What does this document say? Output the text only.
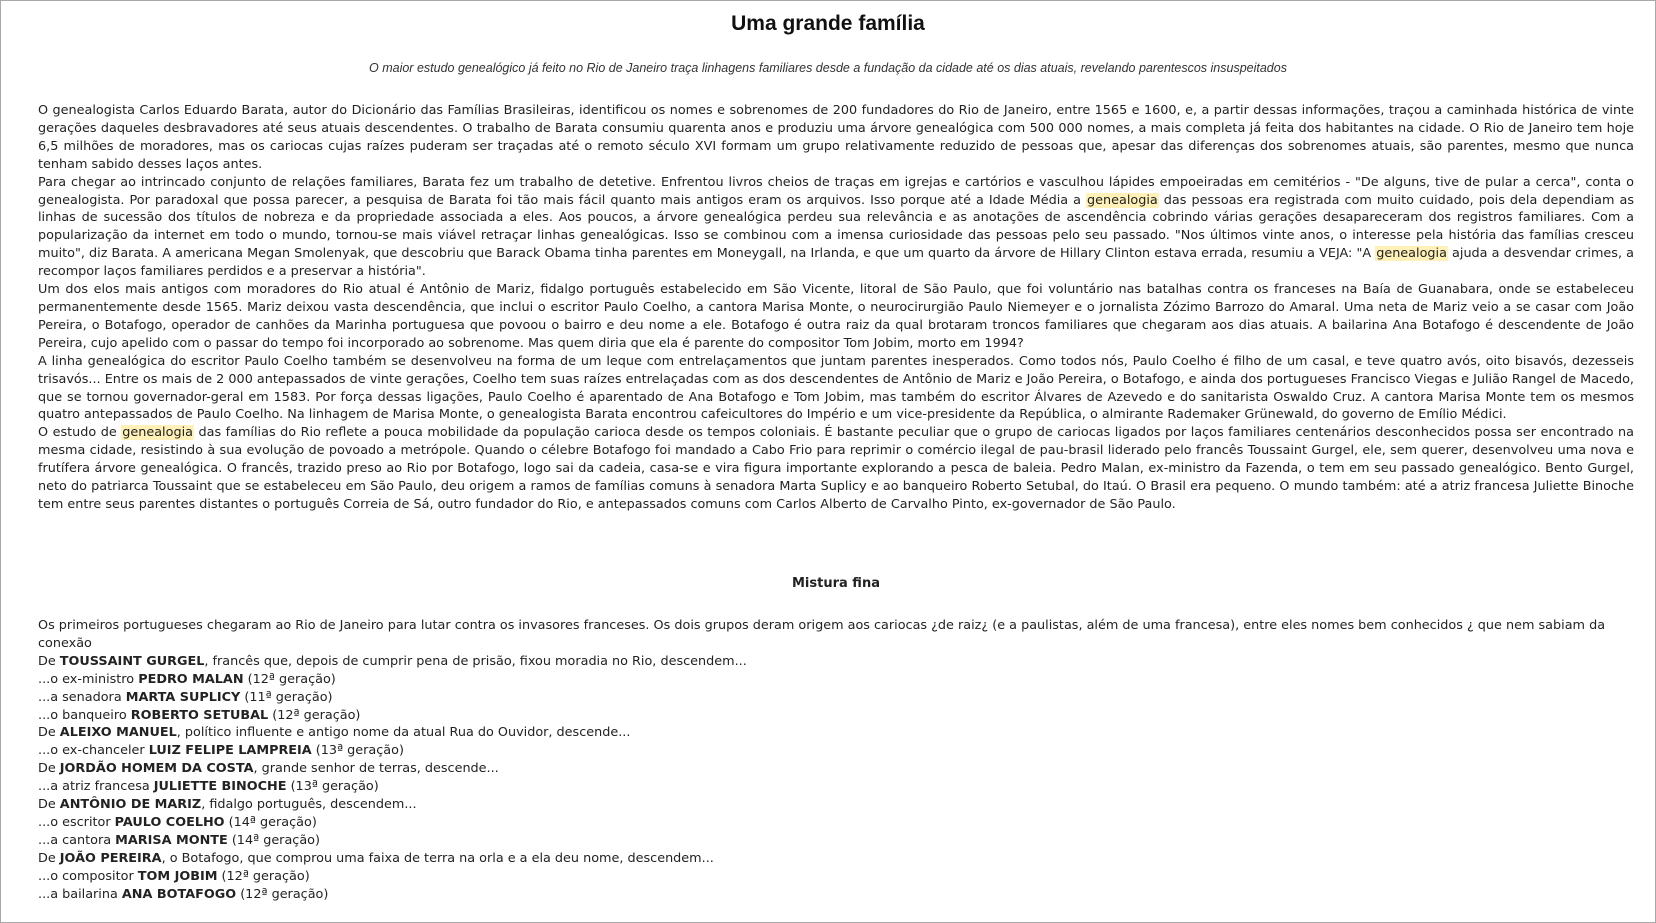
Uma grande família
O maior estudo genealógico já feito no Rio de Janeiro traça linhagens familiares desde a fundação da cidade até os dias atuais, revelando parentescos insuspeitados

O genealogista Carlos Eduardo Barata, autor do Dicionário das Famílias Brasileiras, identificou os nomes e sobrenomes de 200 fundadores do Rio de Janeiro, entre 1565 e 1600, e, a partir dessas informações, traçou a caminhada histórica de vinte gerações daqueles desbravadores até seus atuais descendentes. O trabalho de Barata consumiu quarenta anos e produziu uma árvore genealógica com 500 000 nomes, a mais completa já feita dos habitantes na cidade. O Rio de Janeiro tem hoje 6,5 milhões de moradores, mas os cariocas cujas raízes puderam ser traçadas até o remoto século XVI formam um grupo relativamente reduzido de pessoas que, apesar das diferenças dos sobrenomes atuais, são parentes, mesmo que nunca tenham sabido desses laços antes.

Para chegar ao intrincado conjunto de relações familiares, Barata fez um trabalho de detetive. Enfrentou livros cheios de traças em igrejas e cartórios e vasculhou lápides empoeiradas em cemitérios - "De alguns, tive de pular a cerca", conta o genealogista. Por paradoxal que possa parecer, a pesquisa de Barata foi tão mais fácil quanto mais antigos eram os arquivos. Isso porque até a Idade Média a genealogia das pessoas era registrada com muito cuidado, pois dela dependiam as linhas de sucessão dos títulos de nobreza e da propriedade associada a eles. Aos poucos, a árvore genealógica perdeu sua relevância e as anotações de ascendência cobrindo várias gerações desapareceram dos registros familiares. Com a popularização da internet em todo o mundo, tornou-se mais viável retraçar linhas genealógicas. Isso se combinou com a imensa curiosidade das pessoas pelo seu passado. "Nos últimos vinte anos, o interesse pela história das famílias cresceu muito", diz Barata. A americana Megan Smolenyak, que descobriu que Barack Obama tinha parentes em Moneygall, na Irlanda, e que um quarto da árvore de Hillary Clinton estava errada, resumiu a VEJA: "A genealogia ajuda a desvendar crimes, a recompor laços familiares perdidos e a preservar a história".

Um dos elos mais antigos com moradores do Rio atual é Antônio de Mariz, fidalgo português estabelecido em São Vicente, litoral de São Paulo, que foi voluntário nas batalhas contra os franceses na Baía de Guanabara, onde se estabeleceu permanentemente desde 1565. Mariz deixou vasta descendência, que inclui o escritor Paulo Coelho, a cantora Marisa Monte, o neurocirurgião Paulo Niemeyer e o jornalista Zózimo Barrozo do Amaral. Uma neta de Mariz veio a se casar com João Pereira, o Botafogo, operador de canhões da Marinha portuguesa que povoou o bairro e deu nome a ele. Botafogo é outra raiz da qual brotaram troncos familiares que chegaram aos dias atuais. A bailarina Ana Botafogo é descendente de João Pereira, cujo apelido com o passar do tempo foi incorporado ao sobrenome. Mas quem diria que ela é parente do compositor Tom Jobim, morto em 1994?

A linha genealógica do escritor Paulo Coelho também se desenvolveu na forma de um leque com entrelaçamentos que juntam parentes inesperados. Como todos nós, Paulo Coelho é filho de um casal, e teve quatro avós, oito bisavós, dezesseis trisavós... Entre os mais de 2 000 antepassados de vinte gerações, Coelho tem suas raízes entrelaçadas com as dos descendentes de Antônio de Mariz e João Pereira, o Botafogo, e ainda dos portugueses Francisco Viegas e Julião Rangel de Macedo, que se tornou governador-geral em 1583. Por força dessas ligações, Paulo Coelho é aparentado de Ana Botafogo e Tom Jobim, mas também do escritor Álvares de Azevedo e do sanitarista Oswaldo Cruz. A cantora Marisa Monte tem os mesmos quatro antepassados de Paulo Coelho. Na linhagem de Marisa Monte, o genealogista Barata encontrou cafeicultores do Império e um vice-presidente da República, o almirante Rademaker Grünewald, do governo de Emílio Médici.

O estudo de genealogia das famílias do Rio reflete a pouca mobilidade da população carioca desde os tempos coloniais. É bastante peculiar que o grupo de cariocas ligados por laços familiares centenários desconhecidos possa ser encontrado na mesma cidade, resistindo à sua evolução de povoado a metrópole. Quando o célebre Botafogo foi mandado a Cabo Frio para reprimir o comércio ilegal de pau-brasil liderado pelo francês Toussaint Gurgel, ele, sem querer, desenvolveu uma nova e frutífera árvore genealógica. O francês, trazido preso ao Rio por Botafogo, logo sai da cadeia, casa-se e vira figura importante explorando a pesca de baleia. Pedro Malan, ex-ministro da Fazenda, o tem em seu passado genealógico. Bento Gurgel, neto do patriarca Toussaint que se estabeleceu em São Paulo, deu origem a ramos de famílias comuns à senadora Marta Suplicy e ao banqueiro Roberto Setubal, do Itaú. O Brasil era pequeno. O mundo também: até a atriz francesa Juliette Binoche tem entre seus parentes distantes o português Correia de Sá, outro fundador do Rio, e antepassados comuns com Carlos Alberto de Carvalho Pinto, ex-governador de São Paulo.

Mistura fina

Os primeiros portugueses chegaram ao Rio de Janeiro para lutar contra os invasores franceses. Os dois grupos deram origem aos cariocas ¿de raiz¿ (e a paulistas, além de uma francesa), entre eles nomes bem conhecidos ¿ que nem sabiam da conexão

De TOUSSAINT GURGEL, francês que, depois de cumprir pena de prisão, fixou moradia no Rio, descendem...
...o ex-ministro PEDRO MALAN (12ª geração)
...a senadora MARTA SUPLICY (11ª geração)
...o banqueiro ROBERTO SETUBAL (12ª geração)
De ALEIXO MANUEL, político influente e antigo nome da atual Rua do Ouvidor, descende...
...o ex-chanceler LUIZ FELIPE LAMPREIA (13ª geração)
De JORDÃO HOMEM DA COSTA, grande senhor de terras, descende...
...a atriz francesa JULIETTE BINOCHE (13ª geração)
De ANTÔNIO DE MARIZ, fidalgo português, descendem...
...o escritor PAULO COELHO (14ª geração)
...a cantora MARISA MONTE (14ª geração)
De JOÃO PEREIRA, o Botafogo, que comprou uma faixa de terra na orla e a ela deu nome, descendem...
...o compositor TOM JOBIM (12ª geração)
...a bailarina ANA BOTAFOGO (12ª geração)
